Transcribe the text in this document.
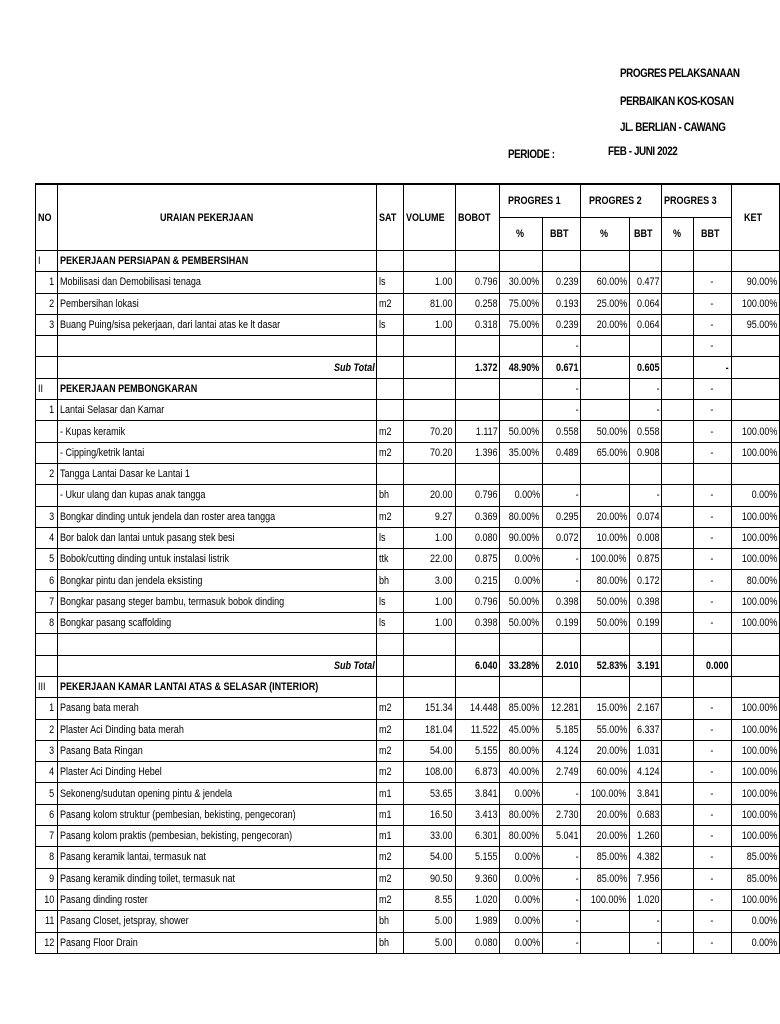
PROGRES PELAKSANAAN
PERBAIKAN KOS-KOSAN
JL. BERLIAN - CAWANG
PERIODE :	FEB - JUNI 2022
NO	URAIAN PEKERJAAN	SAT	VOLUME	BOBOT	PROGRES 1		PROGRES 2		PROGRES 3		KET
					%	BBT	%	BBT	%	BBT	
I	PEKERJAAN PERSIAPAN & PEMBERSIHAN										
1	Mobilisasi dan Demobilisasi tenaga	ls	1.00	0.796	30.00%	0.239	60.00%	0.477		-	90.00%
2	Pembersihan lokasi	m2	81.00	0.258	75.00%	0.193	25.00%	0.064		-	100.00%
3	Buang Puing/sisa pekerjaan, dari lantai atas ke lt dasar	ls	1.00	0.318	75.00%	0.239	20.00%	0.064		-	95.00%
						-				-	
	Sub Total			1.372	48.90%	0.671		0.605		-	
II	PEKERJAAN PEMBONGKARAN					-		-		-	
1	Lantai Selasar dan Kamar					-		-		-	
	- Kupas keramik	m2	70.20	1.117	50.00%	0.558	50.00%	0.558		-	100.00%
	- Cipping/ketrik lantai	m2	70.20	1.396	35.00%	0.489	65.00%	0.908		-	100.00%
2	Tangga Lantai Dasar ke Lantai 1										
	- Ukur ulang dan kupas anak tangga	bh	20.00	0.796	0.00%	-		-		-	0.00%
3	Bongkar dinding untuk jendela dan roster area tangga	m2	9.27	0.369	80.00%	0.295	20.00%	0.074		-	100.00%
4	Bor balok dan lantai untuk pasang stek besi	ls	1.00	0.080	90.00%	0.072	10.00%	0.008		-	100.00%
5	Bobok/cutting dinding untuk instalasi listrik	ttk	22.00	0.875	0.00%	-	100.00%	0.875		-	100.00%
6	Bongkar pintu dan jendela eksisting	bh	3.00	0.215	0.00%	-	80.00%	0.172		-	80.00%
7	Bongkar pasang steger bambu, termasuk bobok dinding	ls	1.00	0.796	50.00%	0.398	50.00%	0.398		-	100.00%
8	Bongkar pasang scaffolding	ls	1.00	0.398	50.00%	0.199	50.00%	0.199		-	100.00%

	Sub Total			6.040	33.28%	2.010	52.83%	3.191		0.000	
III	PEKERJAAN KAMAR LANTAI ATAS & SELASAR (INTERIOR)										
1	Pasang bata merah	m2	151.34	14.448	85.00%	12.281	15.00%	2.167		-	100.00%
2	Plaster Aci Dinding bata merah	m2	181.04	11.522	45.00%	5.185	55.00%	6.337		-	100.00%
3	Pasang Bata Ringan	m2	54.00	5.155	80.00%	4.124	20.00%	1.031		-	100.00%
4	Plaster Aci Dinding Hebel	m2	108.00	6.873	40.00%	2.749	60.00%	4.124		-	100.00%
5	Sekoneng/sudutan opening pintu & jendela	m1	53.65	3.841	0.00%	-	100.00%	3.841		-	100.00%
6	Pasang kolom struktur (pembesian, bekisting, pengecoran)	m1	16.50	3.413	80.00%	2.730	20.00%	0.683		-	100.00%
7	Pasang kolom praktis (pembesian, bekisting, pengecoran)	m1	33.00	6.301	80.00%	5.041	20.00%	1.260		-	100.00%
8	Pasang keramik lantai, termasuk nat	m2	54.00	5.155	0.00%	-	85.00%	4.382		-	85.00%
9	Pasang keramik dinding toilet, termasuk nat	m2	90.50	9.360	0.00%	-	85.00%	7.956		-	85.00%
10	Pasang dinding roster	m2	8.55	1.020	0.00%	-	100.00%	1.020		-	100.00%
11	Pasang Closet, jetspray, shower	bh	5.00	1.989	0.00%	-		-		-	0.00%
12	Pasang Floor Drain	bh	5.00	0.080	0.00%	-		-		-	0.00%
